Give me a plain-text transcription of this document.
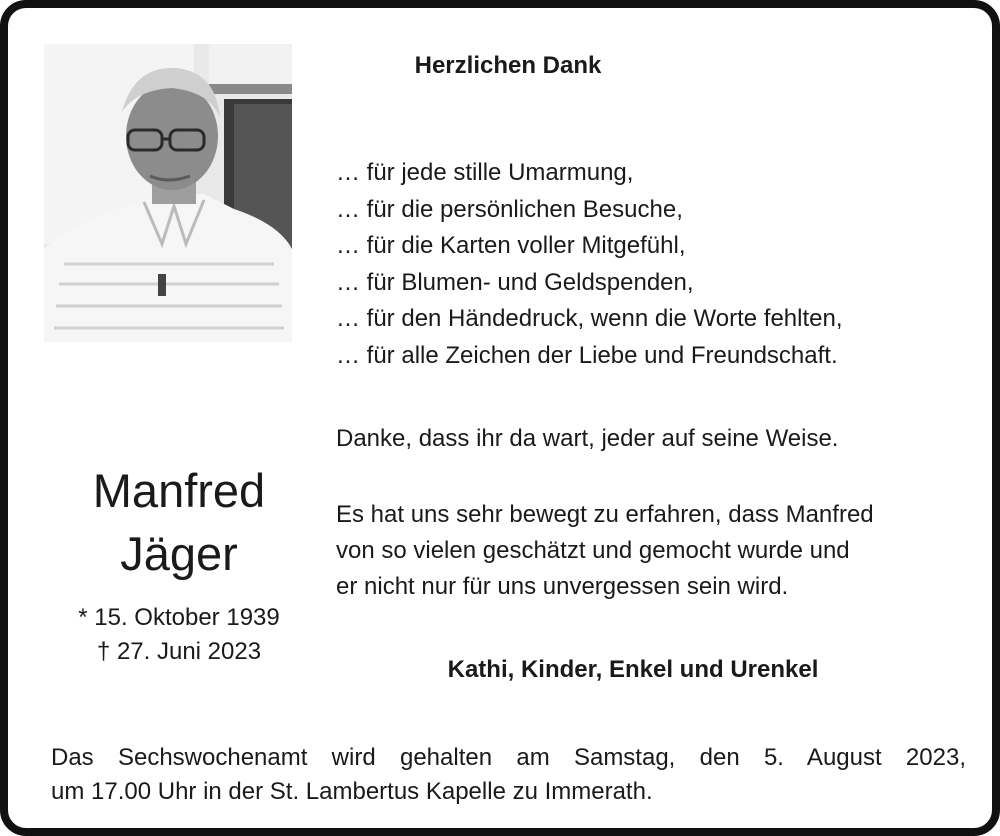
Herzlichen Dank
… für jede stille Umarmung,
… für die persönlichen Besuche,
… für die Karten voller Mitgefühl,
… für Blumen- und Geldspenden,
… für den Händedruck, wenn die Worte fehlten,
… für alle Zeichen der Liebe und Freundschaft.
Danke, dass ihr da wart, jeder auf seine Weise.
Es hat uns sehr bewegt zu erfahren, dass Manfred
von so vielen geschätzt und gemocht wurde und
er nicht nur für uns unvergessen sein wird.
Kathi, Kinder, Enkel und Urenkel
Manfred
Jäger
* 15. Oktober 1939
† 27. Juni 2023
Das Sechswochenamt wird gehalten am Samstag, den 5. August 2023,
um 17.00 Uhr in der St. Lambertus Kapelle zu Immerath.
